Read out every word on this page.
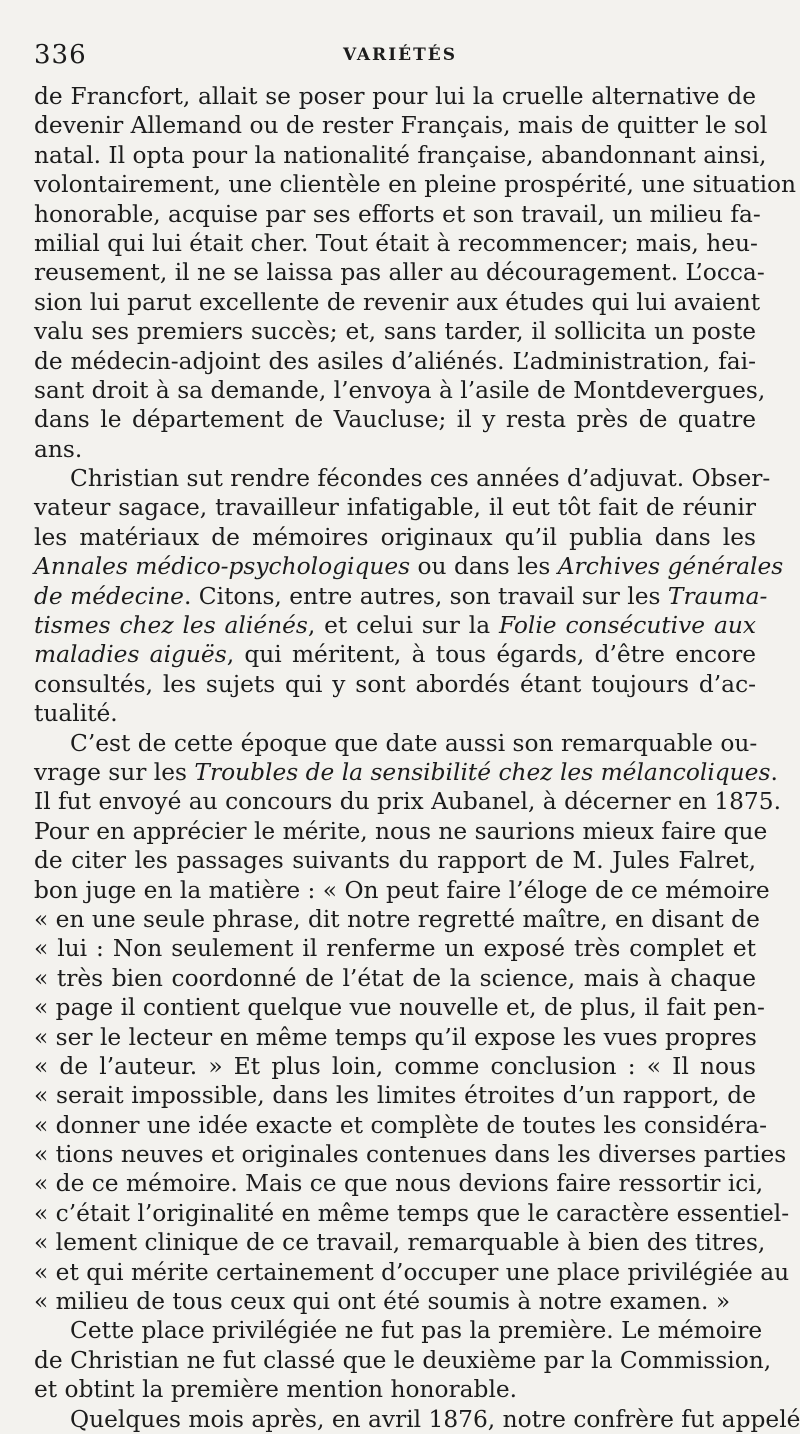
336	VARIÉTÉS
de Francfort, allait se poser pour lui la cruelle alternative de
devenir Allemand ou de rester Français, mais de quitter le sol
natal. Il opta pour la nationalité française, abandonnant ainsi,
volontairement, une clientèle en pleine prospérité, une situation
honorable, acquise par ses efforts et son travail, un milieu fa-
milial qui lui était cher. Tout était à recommencer; mais, heu-
reusement, il ne se laissa pas aller au découragement. L’occa-
sion lui parut excellente de revenir aux études qui lui avaient
valu ses premiers succès; et, sans tarder, il sollicita un poste
de médecin-adjoint des asiles d’aliénés. L’administration, fai-
sant droit à sa demande, l’envoya à l’asile de Montdevergues,
dans le département de Vaucluse; il y resta près de quatre
ans.
Christian sut rendre fécondes ces années d’adjuvat. Obser-
vateur sagace, travailleur infatigable, il eut tôt fait de réunir
les matériaux de mémoires originaux qu’il publia dans les
Annales médico-psychologiques ou dans les Archives générales
de médecine. Citons, entre autres, son travail sur les Trauma-
tismes chez les aliénés, et celui sur la Folie consécutive aux
maladies aiguës, qui méritent, à tous égards, d’être encore
consultés, les sujets qui y sont abordés étant toujours d’ac-
tualité.
C’est de cette époque que date aussi son remarquable ou-
vrage sur les Troubles de la sensibilité chez les mélancoliques.
Il fut envoyé au concours du prix Aubanel, à décerner en 1875.
Pour en apprécier le mérite, nous ne saurions mieux faire que
de citer les passages suivants du rapport de M. Jules Falret,
bon juge en la matière : « On peut faire l’éloge de ce mémoire
« en une seule phrase, dit notre regretté maître, en disant de
« lui : Non seulement il renferme un exposé très complet et
« très bien coordonné de l’état de la science, mais à chaque
« page il contient quelque vue nouvelle et, de plus, il fait pen-
« ser le lecteur en même temps qu’il expose les vues propres
« de l’auteur. » Et plus loin, comme conclusion : « Il nous
« serait impossible, dans les limites étroites d’un rapport, de
« donner une idée exacte et complète de toutes les considéra-
« tions neuves et originales contenues dans les diverses parties
« de ce mémoire. Mais ce que nous devions faire ressortir ici,
« c’était l’originalité en même temps que le caractère essentiel-
« lement clinique de ce travail, remarquable à bien des titres,
« et qui mérite certainement d’occuper une place privilégiée au
« milieu de tous ceux qui ont été soumis à notre examen. »
Cette place privilégiée ne fut pas la première. Le mémoire
de Christian ne fut classé que le deuxième par la Commission,
et obtint la première mention honorable.
Quelques mois après, en avril 1876, notre confrère fut appelé
